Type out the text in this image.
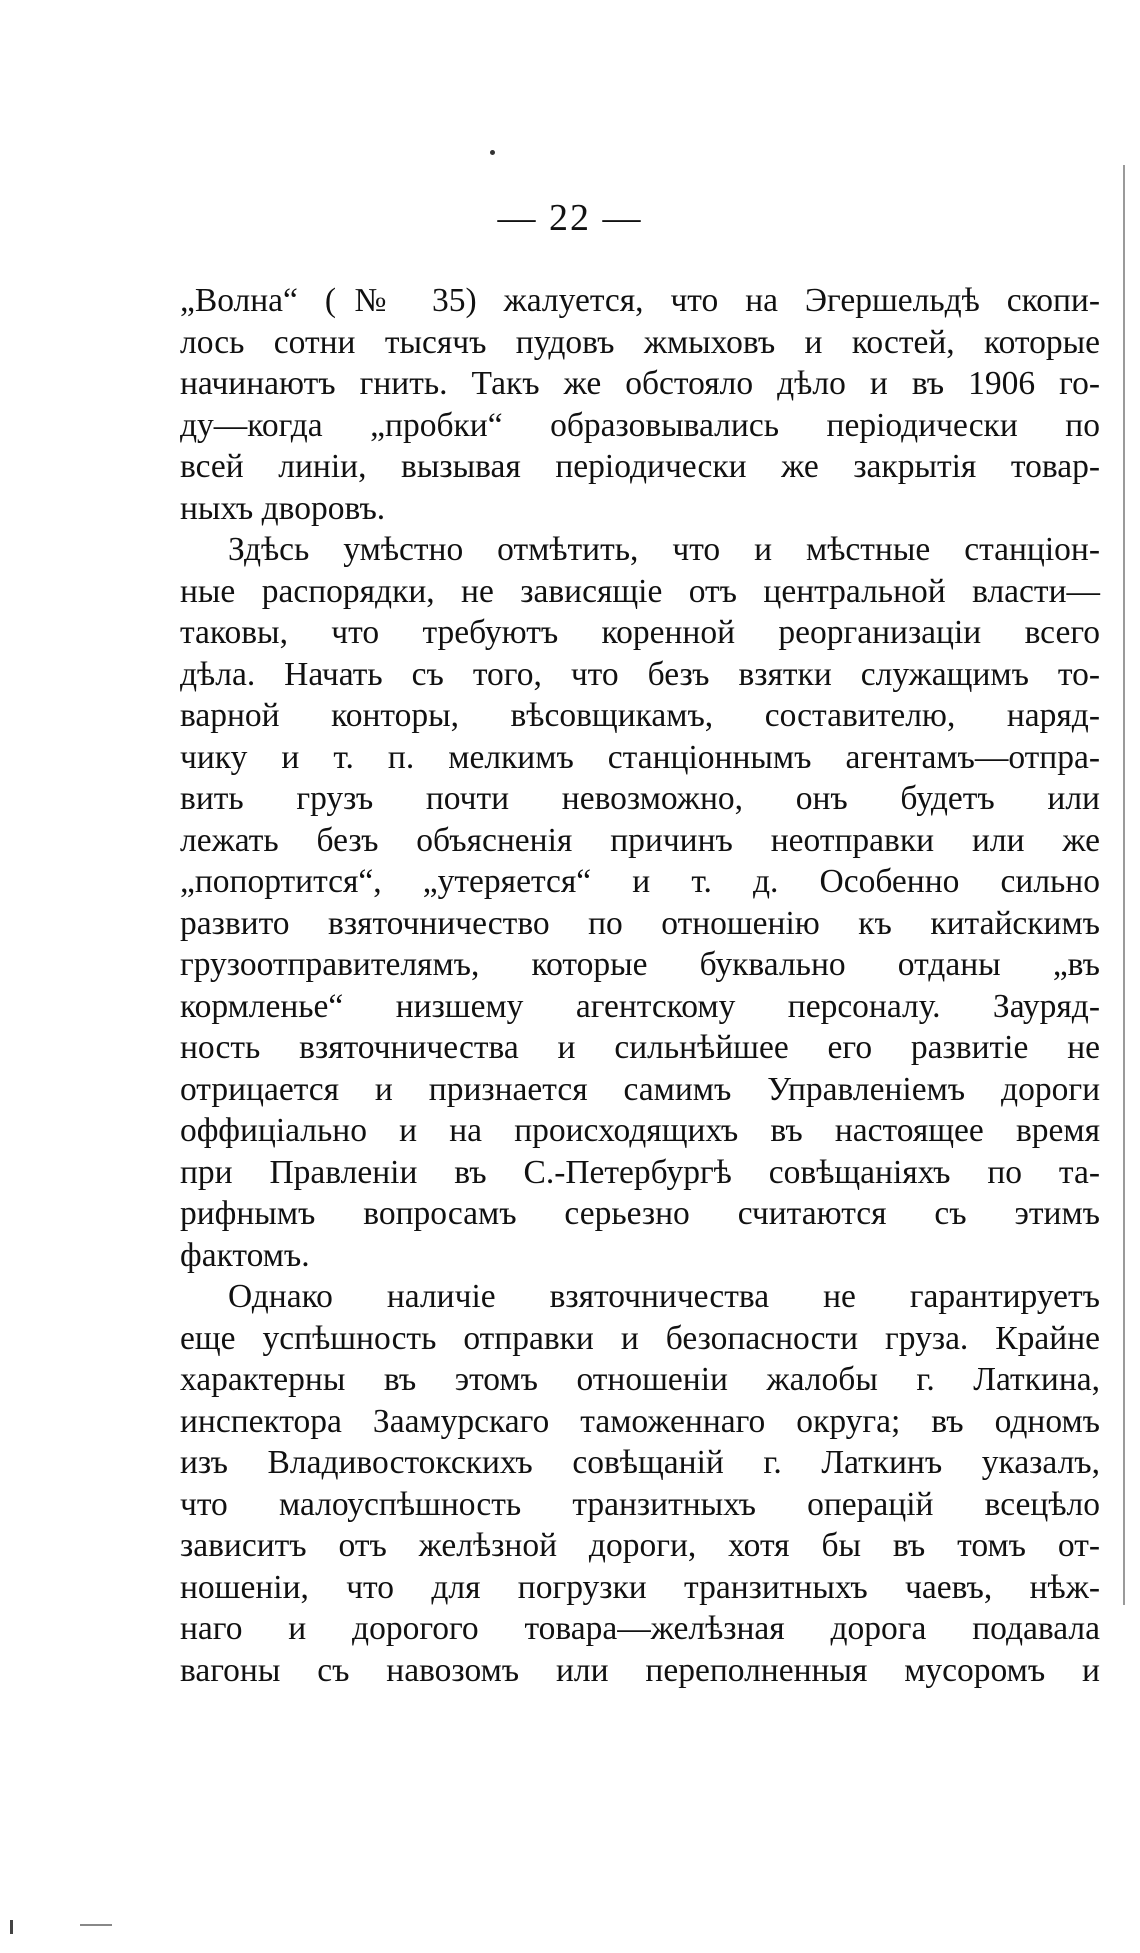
— 22 —
„Волна“ (№ 35) жалуется, что на Эгершельдѣ скопи-
лось сотни тысячъ пудовъ жмыховъ и костей, которые
начинаютъ гнить. Такъ же обстояло дѣло и въ 1906 го-
ду—когда „пробки“ образовывались періодически по
всей линіи, вызывая періодически же закрытія товар-
ныхъ дворовъ.
Здѣсь умѣстно отмѣтить, что и мѣстные станціон-
ные распорядки, не зависящіе отъ центральной власти—
таковы, что требуютъ коренной реорганизаціи всего
дѣла. Начать съ того, что безъ взятки служащимъ то-
варной конторы, вѣсовщикамъ, составителю, наряд-
чику и т. п. мелкимъ станціоннымъ агентамъ—отпра-
вить грузъ почти невозможно, онъ будетъ или
лежать безъ объясненія причинъ неотправки или же
„попортится“, „утеряется“ и т. д. Особенно сильно
развито взяточничество по отношенію къ китайскимъ
грузоотправителямъ, которые буквально отданы „въ
кормленье“ низшему агентскому персоналу. Зауряд-
ность взяточничества и сильнѣйшее его развитіе не
отрицается и признается самимъ Управленіемъ дороги
оффиціально и на происходящихъ въ настоящее время
при Правленіи въ С.-Петербургѣ совѣщаніяхъ по та-
рифнымъ вопросамъ серьезно считаются съ этимъ
фактомъ.
Однако наличіе взяточничества не гарантируетъ
еще успѣшность отправки и безопасности груза. Крайне
характерны въ этомъ отношеніи жалобы г. Латкина,
инспектора Заамурскаго таможеннаго округа; въ одномъ
изъ Владивостокскихъ совѣщаній г. Латкинъ указалъ,
что малоуспѣшность транзитныхъ операцій всецѣло
зависитъ отъ желѣзной дороги, хотя бы въ томъ от-
ношеніи, что для погрузки транзитныхъ чаевъ, нѣж-
наго и дорогого товара—желѣзная дорога подавала
вагоны съ навозомъ или переполненныя мусоромъ и
